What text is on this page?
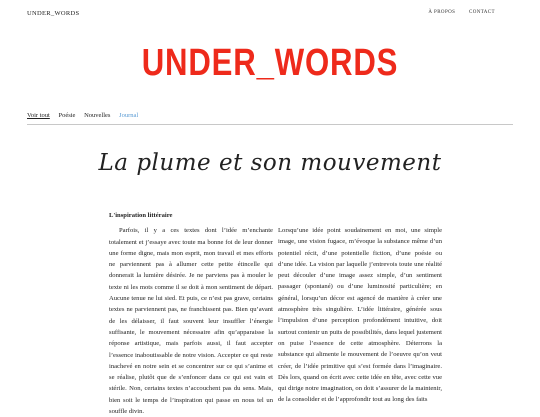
UNDER_WORDS	À PROPOS	CONTACT
UNDER_WORDS
Voir tout Poésie Nouvelles Journal
La plume et son mouvement
L'inspiration littéraire

Parfois, il y a ces textes dont l’idée m’enchante totalement et j’essaye avec toute ma bonne foi de leur donner une forme digne, mais mon esprit, mon travail et mes efforts ne parviennent pas à allumer cette petite étincelle qui donnerait la lumière désirée. Je ne parviens pas à mouler le texte ni les mots comme il se doit à mon sentiment de départ. Aucune tenue ne lui sied. Et puis, ce n’est pas grave, certains textes ne parviennent pas, ne franchissent pas. Bien qu’avant de les délaisser, il faut souvent leur insuffler l’énergie suffisante, le mouvement nécessaire afin qu’apparaisse la réponse artistique, mais parfois aussi, il faut accepter l’essence inaboutissable de notre vision. Accepter ce qui reste inachevé en notre sein et se concentrer sur ce qui s’anime et se réalise, plutôt que de s’enfoncer dans ce qui est vain et stérile. Non, certains textes n’accouchent pas du sens. Mais, bien soit le temps de l’inspiration qui passe en nous tel un souffle divin.

Lorsqu’une idée point soudainement en moi, une simple image, une vision fugace, m’évoque la substance même d’un potentiel récit, d’une potentielle fiction, d’une poésie ou d’une idée. La vision par laquelle j’entrevois toute une réalité peut découler d’une image assez simple, d’un sentiment passager (spontané) ou d’une luminosité particulière; en général, lorsqu’un décor est agencé de manière à créer une atmosphère très singulière. L’idée littéraire, générée sous l’impulsion d’une perception profondément intuitive, doit surtout contenir un puits de possibilités, dans lequel justement on puise l’essence de cette atmosphère. Déterrons la substance qui alimente le mouvement de l’oeuvre qu’on veut créer, de l’idée primitive qui s’est formée dans l’imaginaire. Dès lors, quand on écrit avec cette idée en tête, avec cette vue qui dirige notre imagination, on doit s’assurer de la maintenir, de la consolider et de l’approfondir tout au long des faits
